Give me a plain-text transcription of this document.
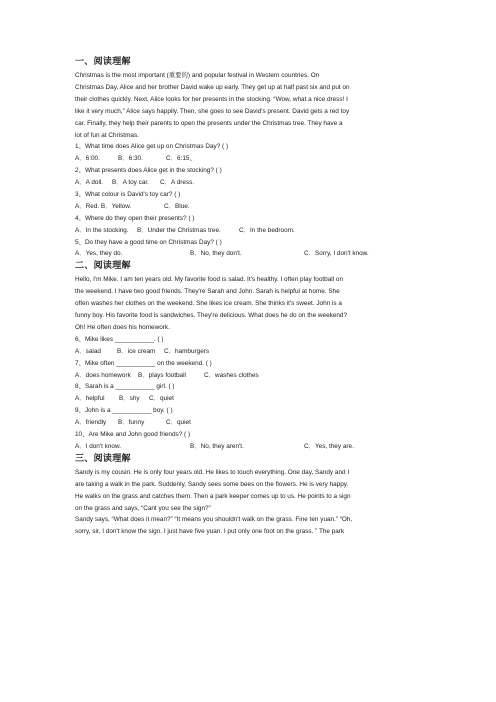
一、阅读理解

Christmas is the most important (重要的) and popular festival in Western countries. On

Christmas Day, Alice and her brother David wake up early. They get up at half past six and put on

their clothes quickly. Next, Alice looks for her presents in the stocking. “Wow, what a nice dress! I

like it very much,” Alice says happily. Then, she goes to see David's present. David gets a red toy

car. Finally, they help their parents to open the presents under the Christmas tree. They have a

lot of fun at Christmas.

1、What time does Alice get up on Christmas Day? ( )
A．6:00.	B．6:30.	C．6:15、
2、What presents does Alice get in the stocking? ( )
A．A doll.	B．A toy car.	C．A dress.
3、What colour is David's toy car? ( )
A．Red. B．Yellow.	C．Blue.
4、Where do they open their presents? ( )
A．In the stocking.	B．Under the Christmas tree.	C．In the bedroom.
5、Do they have a good time on Christmas Day? ( )
A．Yes, they do.	B．No, they don't.	C．Sorry, I don't know.
二、阅读理解

Hello, I'm Mike. I am ten years old. My favorite food is salad. It's healthy. I often play football on

the weekend. I have two good friends. They're Sarah and John. Sarah is helpful at home. She

often washes her clothes on the weekend. She likes ice cream. She thinks it's sweet. John is a

funny boy. His favorite food is sandwiches. They're delicious. What does he do on the weekend?

Oh! He often does his homework.

6、Mike likes ___________. ( )
A．salad	B．ice cream	C．hamburgers
7、Mike often ___________ on the weekend. ( )
A．does homework	B．plays football	C．washes clothes
8、Sarah is a ___________ girl. ( )
A．helpful	B．shy	C．quiet
9、John is a ___________ boy. ( )
A．friendly	B．funny	C．quiet
10、Are Mike and John good friends? ( )
A．I don't know.	B．No, they aren't.	C．Yes, they are.
三、阅读理解

Sandy is my cousin. He is only four years old. He likes to touch everything. One day, Sandy and I

are taking a walk in the park. Suddenly, Sandy sees some bees on the flowers. He is very happy.

He walks on the grass and catches them. Then a park keeper comes up to us. He points to a sign

on the grass and says, “Cant you see the sign?”

Sandy says, “What does it mean?” “It means you shouldn't walk on the grass. Fine ten yuan.” “Oh,

sorry, sir, I don't know the sign. I just have five yuan. I put only one foot on the grass. ” The park
